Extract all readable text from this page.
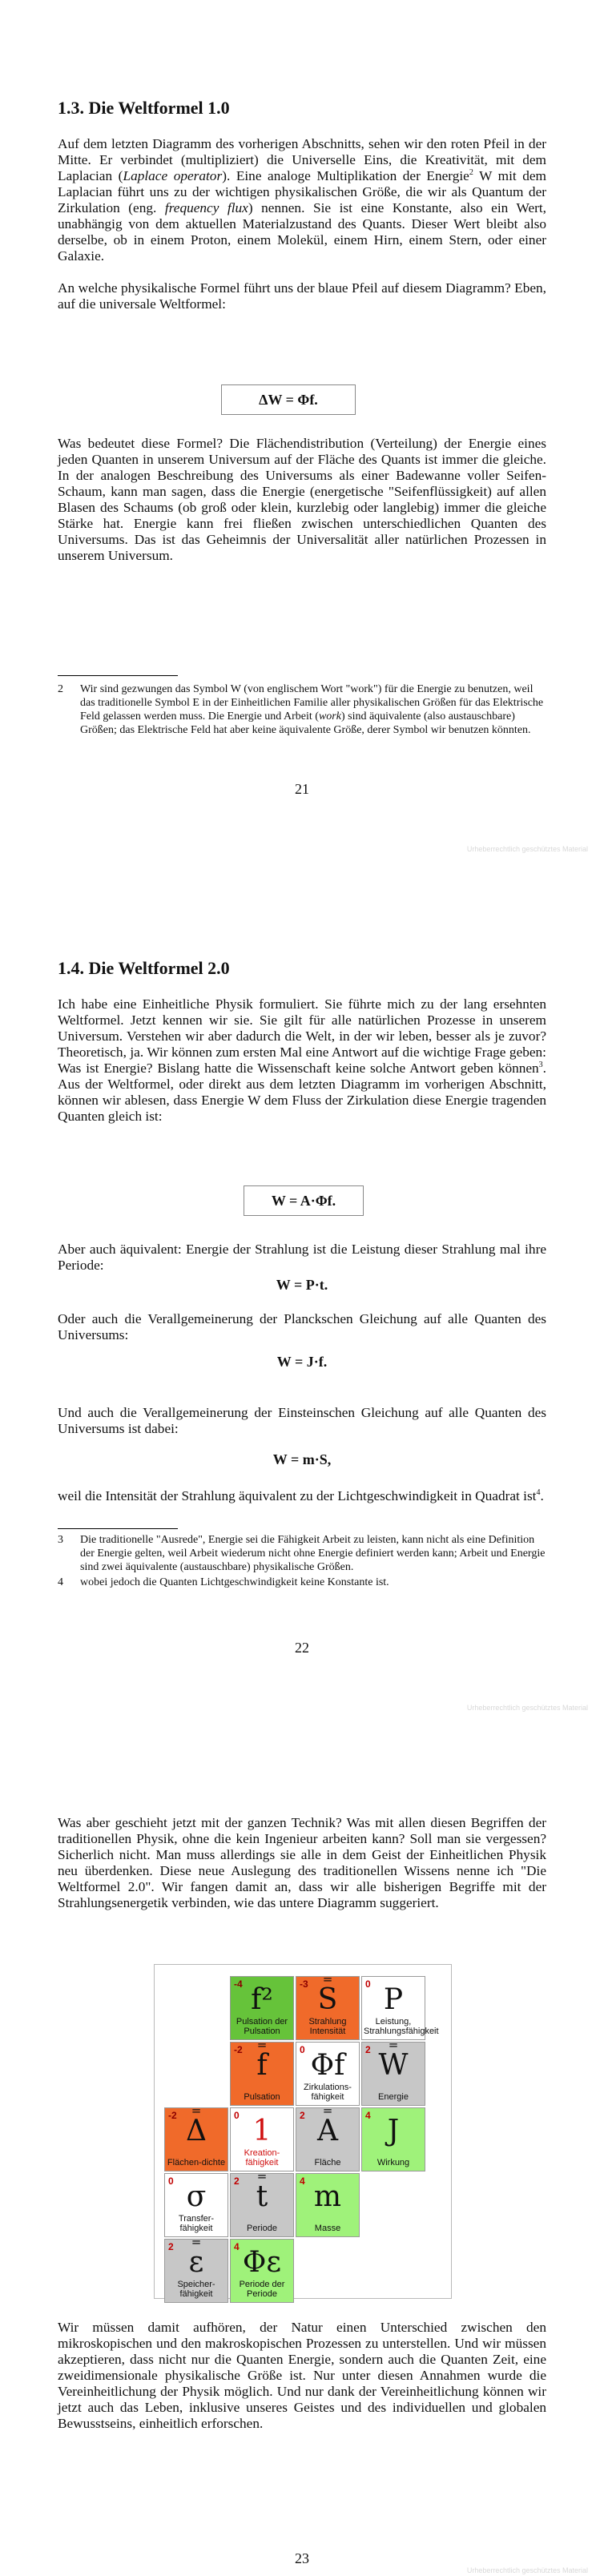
1.3. Die Weltformel 1.0

Auf dem letzten Diagramm des vorherigen Abschnitts, sehen wir den roten Pfeil in der Mitte. Er verbindet (multipliziert) die Universelle Eins, die Kreativität, mit dem Laplacian (Laplace operator). Eine analoge Multiplikation der Energie$^2$ W mit dem Laplacian führt uns zu der wichtigen physikalischen Größe, die wir als Quantum der Zirkulation (eng. frequency flux) nennen. Sie ist eine Konstante, also ein Wert, unabhängig von dem aktuellen Materialzustand des Quants. Dieser Wert bleibt also derselbe, ob in einem Proton, einem Molekül, einem Hirn, einem Stern, oder einer Galaxie.

An welche physikalische Formel führt uns der blaue Pfeil auf diesem Diagramm? Eben, auf die universale Weltformel:

ΔW = Φf.

Was bedeutet diese Formel? Die Flächendistribution (Verteilung) der Energie eines jeden Quanten in unserem Universum auf der Fläche des Quants ist immer die gleiche. In der analogen Beschreibung des Universums als einer Badewanne voller Seifen-Schaum, kann man sagen, dass die Energie (energetische "Seifenflüssigkeit) auf allen Blasen des Schaums (ob groß oder klein, kurzlebig oder langlebig) immer die gleiche Stärke hat. Energie kann frei fließen zwischen unterschiedlichen Quanten des Universums. Das ist das Geheimnis der Universalität aller natürlichen Prozessen in unserem Universum.

2 Wir sind gezwungen das Symbol W (von englischem Wort "work") für die Energie zu benutzen, weil das traditionelle Symbol E in der Einheitlichen Familie aller physikalischen Größen für das Elektrische Feld gelassen werden muss. Die Energie und Arbeit (work) sind äquivalente (also austauschbare) Größen; das Elektrische Feld hat aber keine äquivalente Größe, derer Symbol wir benutzen könnten.
21
Urheberrechtlich geschütztes Material
1.4. Die Weltformel 2.0

Ich habe eine Einheitliche Physik formuliert. Sie führte mich zu der lang ersehnten Weltformel. Jetzt kennen wir sie. Sie gilt für alle natürlichen Prozesse in unserem Universum. Verstehen wir aber dadurch die Welt, in der wir leben, besser als je zuvor? Theoretisch, ja. Wir können zum ersten Mal eine Antwort auf die wichtige Frage geben: Was ist Energie? Bislang hatte die Wissenschaft keine solche Antwort geben können$^3$. Aus der Weltformel, oder direkt aus dem letzten Diagramm im vorherigen Abschnitt, können wir ablesen, dass Energie W dem Fluss der Zirkulation diese Energie tragenden Quanten gleich ist:

W = A·Φf.

Aber auch äquivalent: Energie der Strahlung ist die Leistung dieser Strahlung mal ihre Periode:

W = P·t.

Oder auch die Verallgemeinerung der Planckschen Gleichung auf alle Quanten des Universums:

W = J·f.

Und auch die Verallgemeinerung der Einsteinschen Gleichung auf alle Quanten des Universums ist dabei:

W = m·S,

weil die Intensität der Strahlung äquivalent zu der Lichtgeschwindigkeit in Quadrat ist$^4$.

3 Die traditionelle "Ausrede", Energie sei die Fähigkeit Arbeit zu leisten, kann nicht als eine Definition der Energie gelten, weil Arbeit wiederum nicht ohne Energie definiert werden kann; Arbeit und Energie sind zwei äquivalente (austauschbare) physikalische Größen.
4 wobei jedoch die Quanten Lichtgeschwindigkeit keine Konstante ist.
22
Urheberrechtlich geschütztes Material

Was aber geschieht jetzt mit der ganzen Technik? Was mit allen diesen Begriffen der traditionellen Physik, ohne die kein Ingenieur arbeiten kann? Soll man sie vergessen? Sicherlich nicht. Man muss allerdings sie alle in dem Geist der Einheitlichen Physik neu überdenken. Diese neue Auslegung des traditionellen Wissens nenne ich "Die Weltformel 2.0". Wir fangen damit an, dass wir alle bisherigen Begriffe mit der Strahlungsenergetik verbinden, wie das untere Diagramm suggeriert.

-4 f²
Pulsation der Pulsation
-3	=
S
Strahlung Intensität
0 P
Leistung, Strahlungsfähigkeit
-2	=
f
Pulsation
0 Φf
Zirkulations-fähigkeit
2	=
W
Energie
-2	=
Δ
Flächen-dichte
0 1
Kreation-fähigkeit
2	=
A
Fläche
4 J
Wirkung
0 σ
Transfer-fähigkeit
2	=
t
Periode
4 m
Masse
2	=
ε
Speicher-fähigkeit
4 Φε
Periode der Periode

Wir müssen damit aufhören, der Natur einen Unterschied zwischen den mikroskopischen und den makroskopischen Prozessen zu unterstellen. Und wir müssen akzeptieren, dass nicht nur die Quanten Energie, sondern auch die Quanten Zeit, eine zweidimensionale physikalische Größe ist. Nur unter diesen Annahmen wurde die Vereinheitlichung der Physik möglich. Und nur dank der Vereinheitlichung können wir jetzt auch das Leben, inklusive unseres Geistes und des individuellen und globalen Bewusstseins, einheitlich erforschen.

23
Urheberrechtlich geschütztes Material
